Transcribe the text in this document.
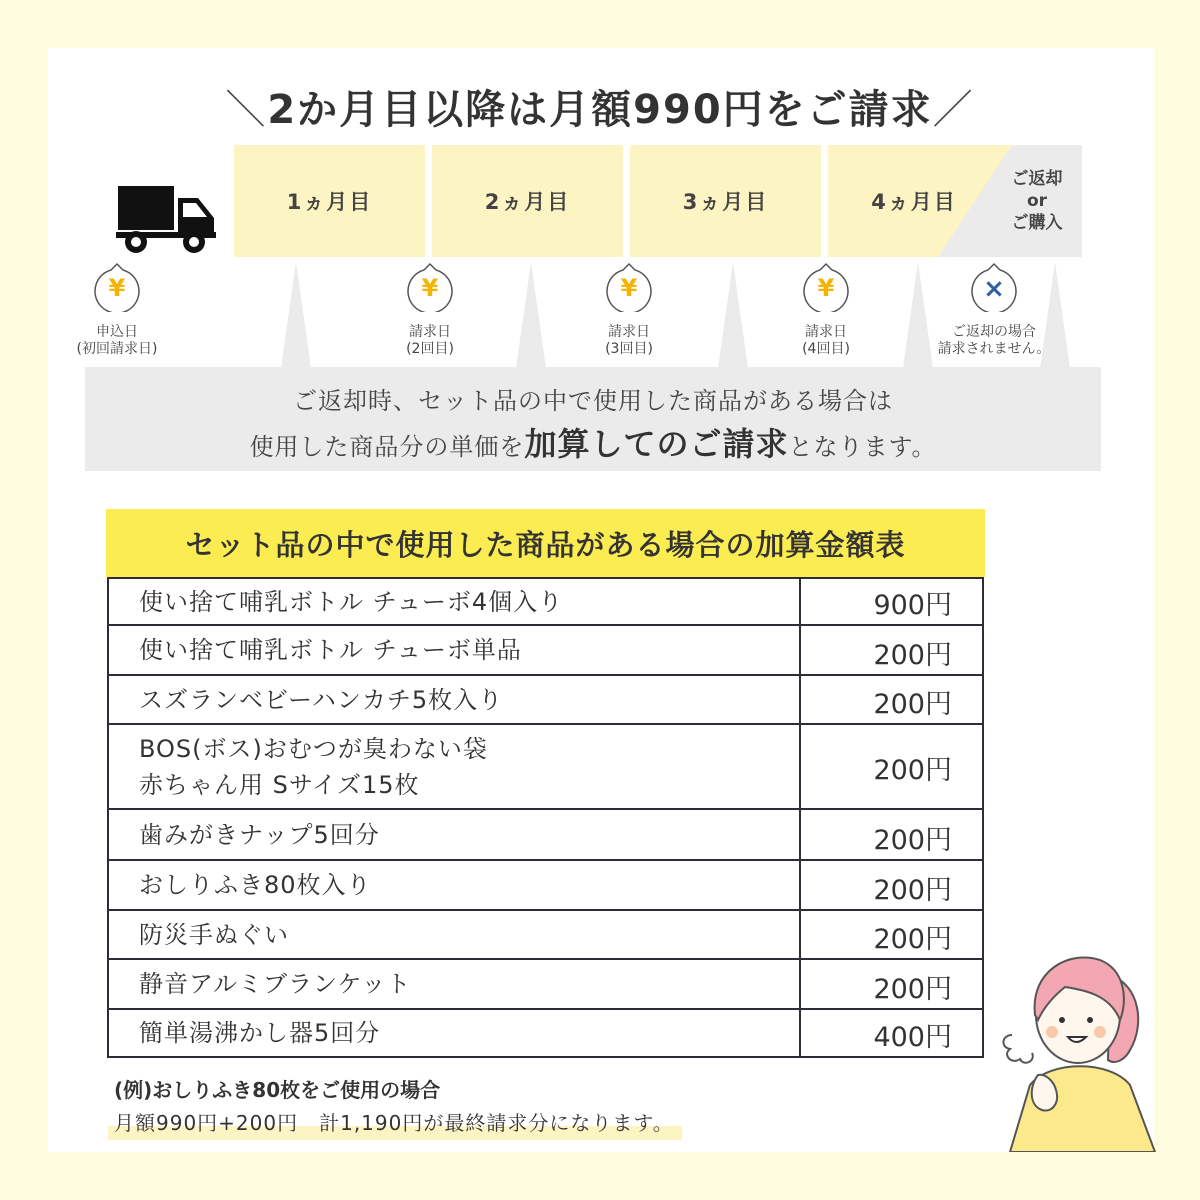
＼2か月目以降は月額990円をご請求／
1ヵ月目	2ヵ月目	3ヵ月目	4ヵ月目
ご返却
or
ご購入
¥
申込日
(初回請求日)
¥
請求日
(2回目)
¥
請求日
(3回目)
¥
請求日
(4回目)
×
ご返却の場合
請求されません。
ご返却時、セット品の中で使用した商品がある場合は
使用した商品分の単価を加算してのご請求となります。
セット品の中で使用した商品がある場合の加算金額表
使い捨て哺乳ボトル チューボ4個入り	900円
使い捨て哺乳ボトル チューボ単品	200円
スズランベビーハンカチ5枚入り	200円

BOS(ボス)おむつが臭わない袋
赤ちゃん用 Sサイズ15枚	200円
歯みがきナップ5回分	200円
おしりふき80枚入り	200円
防災手ぬぐい	200円
静音アルミブランケット	200円
簡単湯沸かし器5回分	400円
(例)おしりふき80枚をご使用の場合
月額990円+200円　計1,190円が最終請求分になります。
